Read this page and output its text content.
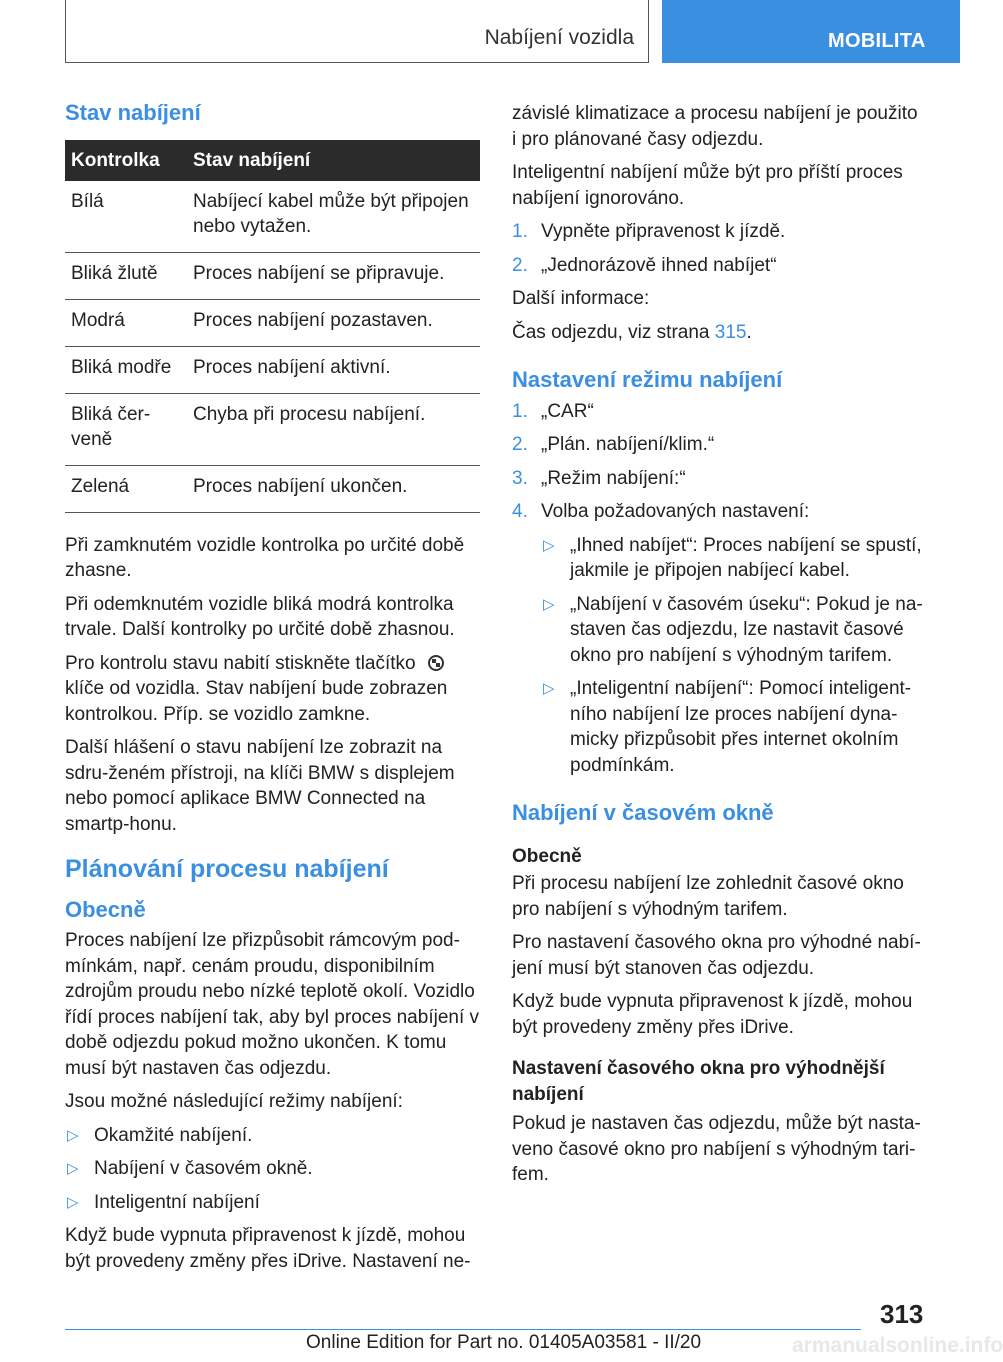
Nabíjení vozidla	MOBILITA
Stav nabíjení
Kontrolka	Stav nabíjení
Bílá	Nabíjecí kabel může být připojen nebo vytažen.
Bliká žlutě	Proces nabíjení se připravuje.
Modrá	Proces nabíjení pozastaven.
Bliká modře	Proces nabíjení aktivní.
Bliká čer-veně	Chyba při procesu nabíjení.
Zelená	Proces nabíjení ukončen.

Při zamknutém vozidle kontrolka po určité době zhasne.

Při odemknutém vozidle bliká modrá kontrolka trvale. Další kontrolky po určité době zhasnou.

Pro kontrolu stavu nabití stiskněte tlačítko klíče od vozidla. Stav nabíjení bude zobrazen kontrolkou. Příp. se vozidlo zamkne.

Další hlášení o stavu nabíjení lze zobrazit na sdru-ženém přístroji, na klíči BMW s displejem nebo pomocí aplikace BMW Connected na smartp-honu.

Plánování procesu nabíjení
Obecně

Proces nabíjení lze přizpůsobit rámcovým pod-mínkám, např. cenám proudu, disponibilním zdrojům proudu nebo nízké teplotě okolí. Vozidlo řídí proces nabíjení tak, aby byl proces nabíjení v době odjezdu pokud možno ukončen. K tomu musí být nastaven čas odjezdu.

Jsou možné následující režimy nabíjení:

▷ Okamžité nabíjení.
▷ Nabíjení v časovém okně.
▷ Inteligentní nabíjení

Když bude vypnuta připravenost k jízdě, mohou být provedeny změny přes iDrive. Nastavení ne-

závislé klimatizace a procesu nabíjení je použito i pro plánované časy odjezdu.

Inteligentní nabíjení může být pro příští proces nabíjení ignorováno.

1. Vypněte připravenost k jízdě.
2. „Jednorázově ihned nabíjet“

Další informace:

Čas odjezdu, viz strana 315.

Nastavení režimu nabíjení
1. „CAR“
2. „Plán. nabíjení/klim.“
3. „Režim nabíjení:“
4. Volba požadovaných nastavení:
▷ „Ihned nabíjet“: Proces nabíjení se spustí, jakmile je připojen nabíjecí kabel.
▷ „Nabíjení v časovém úseku“: Pokud je na-staven čas odjezdu, lze nastavit časové okno pro nabíjení s výhodným tarifem.
▷ „Inteligentní nabíjení“: Pomocí inteligent-ního nabíjení lze proces nabíjení dyna-micky přizpůsobit přes internet okolním podmínkám.
Nabíjení v časovém okně
Obecně

Při procesu nabíjení lze zohlednit časové okno pro nabíjení s výhodným tarifem.

Pro nastavení časového okna pro výhodné nabí-jení musí být stanoven čas odjezdu.

Když bude vypnuta připravenost k jízdě, mohou být provedeny změny přes iDrive.

Nastavení časového okna pro výhodnější nabíjení

Pokud je nastaven čas odjezdu, může být nasta-veno časové okno pro nabíjení s výhodným tari-fem.

313
Online Edition for Part no. 01405A03581 - II/20	armanualsonline.info
